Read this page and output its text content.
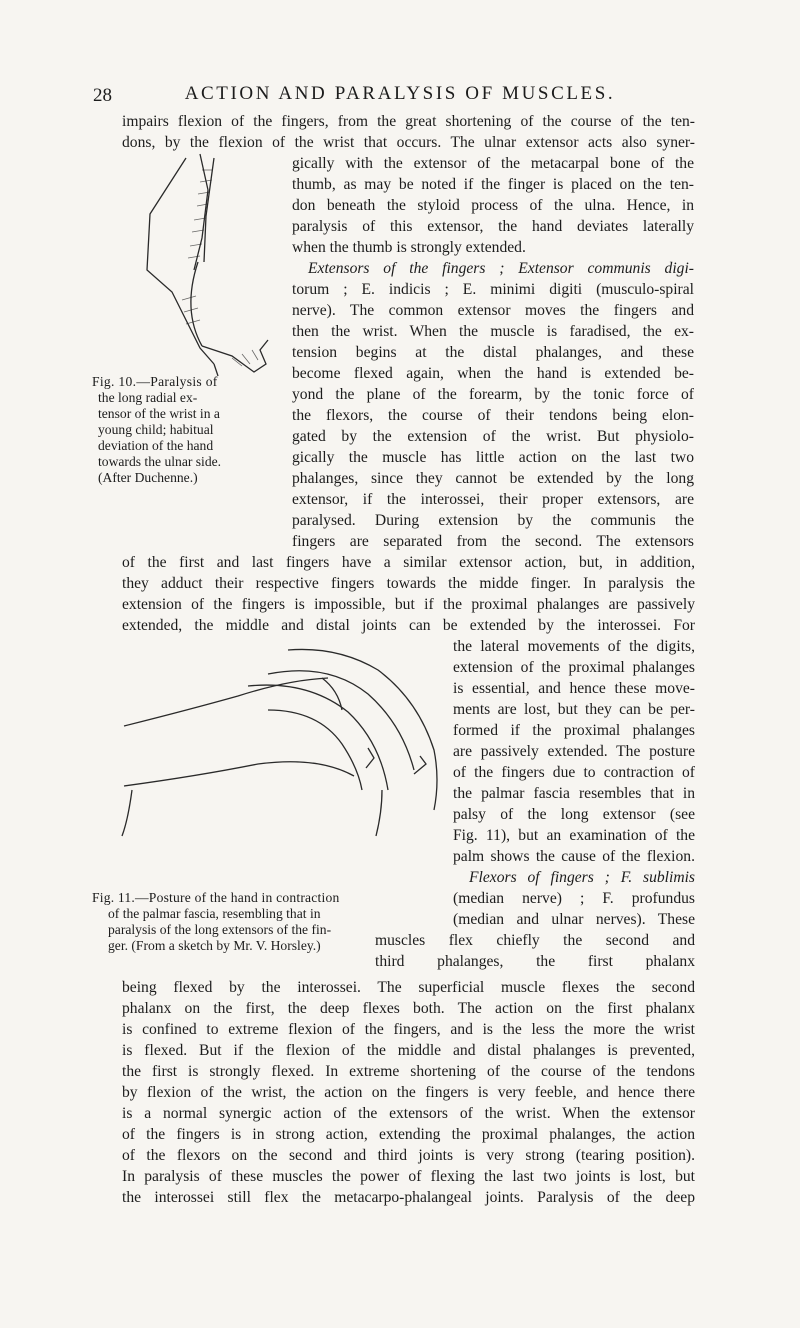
28	ACTION AND PARALYSIS OF MUSCLES.
impairs flexion of the fingers, from the great shortening of the course of the ten-
dons, by the flexion of the wrist that occurs. The ulnar extensor acts also syner-
Fig. 10.—Paralysis of
the long radial ex-
tensor of the wrist in a
young child; habitual
deviation of the hand
towards the ulnar side.
(After Duchenne.)
gically with the extensor of the metacarpal bone of the
thumb, as may be noted if the finger is placed on the ten-
don beneath the styloid process of the ulna. Hence, in
paralysis of this extensor, the hand deviates laterally
when the thumb is strongly extended.
Extensors of the fingers ; Extensor communis digi-
torum ; E. indicis ; E. minimi digiti (musculo-spiral
nerve). The common extensor moves the fingers and
then the wrist. When the muscle is faradised, the ex-
tension begins at the distal phalanges, and these
become flexed again, when the hand is extended be-
yond the plane of the forearm, by the tonic force of
the flexors, the course of their tendons being elon-
gated by the extension of the wrist. But physiolo-
gically the muscle has little action on the last two
phalanges, since they cannot be extended by the long
extensor, if the interossei, their proper extensors, are
paralysed. During extension by the communis the
fingers are separated from the second. The extensors
of the first and last fingers have a similar extensor action, but, in addition,
they adduct their respective fingers towards the midde finger. In paralysis the
extension of the fingers is impossible, but if the proximal phalanges are passively
extended, the middle and distal joints can be extended by the interossei. For
the lateral movements of the digits,
extension of the proximal phalanges
is essential, and hence these move-
ments are lost, but they can be per-
formed if the proximal phalanges
are passively extended. The posture
of the fingers due to contraction of
the palmar fascia resembles that in
palsy of the long extensor (see
Fig. 11), but an examination of the
palm shows the cause of the flexion.
Flexors of fingers ; F. sublimis
(median nerve) ; F. profundus
(median and ulnar nerves). These
muscles flex chiefly the second and
third phalanges, the first phalanx
Fig. 11.—Posture of the hand in contraction
of the palmar fascia, resembling that in
paralysis of the long extensors of the fin-
ger. (From a sketch by Mr. V. Horsley.)
being flexed by the interossei. The superficial muscle flexes the second
phalanx on the first, the deep flexes both. The action on the first phalanx
is confined to extreme flexion of the fingers, and is the less the more the wrist
is flexed. But if the flexion of the middle and distal phalanges is prevented,
the first is strongly flexed. In extreme shortening of the course of the tendons
by flexion of the wrist, the action on the fingers is very feeble, and hence there
is a normal synergic action of the extensors of the wrist. When the extensor
of the fingers is in strong action, extending the proximal phalanges, the action
of the flexors on the second and third joints is very strong (tearing position).
In paralysis of these muscles the power of flexing the last two joints is lost, but
the interossei still flex the metacarpo-phalangeal joints. Paralysis of the deep
